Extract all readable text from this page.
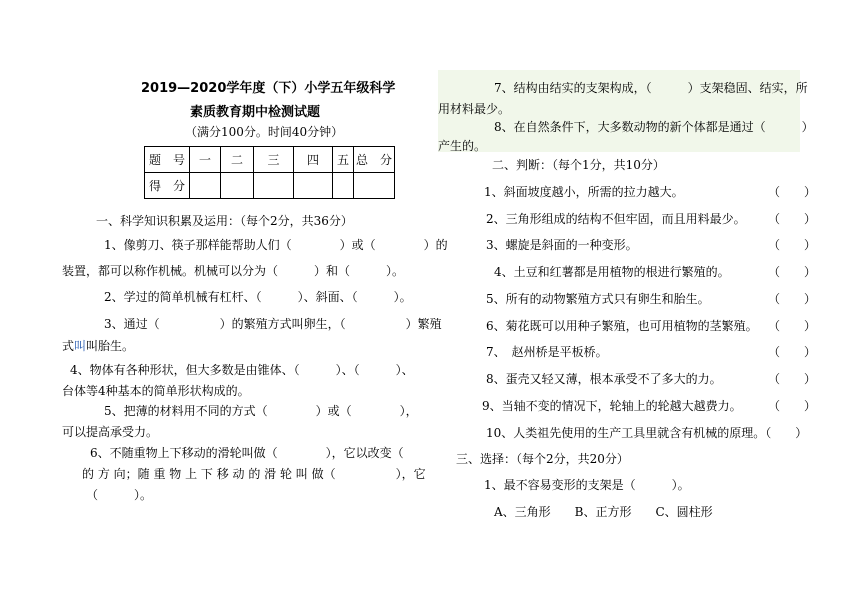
2019—2020学年度（下）小学五年级科学
素质教育期中检测试题
（满分100分。时间40分钟）
题　号	一	二	三	四	五	总　分
得　分						
一、科学知识积累及运用：（每个2分，共36分）
1、像剪刀、筷子那样能帮助人们（　　　　）或（　　　　）的
装置，都可以称作机械。机械可以分为（　　　）和（　　　）。
2、学过的简单机械有杠杆、（　　　）、斜面、（　　　）。
3、通过（　　　　　）的繁殖方式叫卵生，（　　　　　）繁殖
式叫叫胎生。
4、物体有各种形状，但大多数是由锥体、（　　　）、（　　　）、
台体等4种基本的简单形状构成的。
5、把薄的材料用不同的方式（　　　　）或（　　　　），
可以提高承受力。
6、不随重物上下移动的滑轮叫做（　　　　），它以改变（
的 方 向；随 重 物 上 下 移 动 的 滑 轮 叫 做（　　　　　），它
（　　　）。
7、结构由结实的支架构成，（　　　）支架稳固、结实，所
用材料最少。
8、在自然条件下，大多数动物的新个体都是通过（　　　）
产生的。
二、判断：（每个1分，共10分）
1、斜面坡度越小，所需的拉力越大。	（　　）
2、三角形组成的结构不但牢固，而且用料最少。 （　　）
3、螺旋是斜面的一种变形。	（　　）
4、土豆和红薯都是用植物的根进行繁殖的。	（　　）
5、所有的动物繁殖方式只有卵生和胎生。	（　　）
6、菊花既可以用种子繁殖，也可用植物的茎繁殖。 （　　）
7、　赵州桥是平板桥。	（　　）
8、蛋壳又轻又薄，根本承受不了多大的力。	（　　）
9、当轴不变的情况下，轮轴上的轮越大越费力。 （　　）
10、人类祖先使用的生产工具里就含有机械的原理。（　　）
三、选择：（每个2分，共20分）
1、最不容易变形的支架是（　　　）。
A、三角形　　B、正方形　　C、圆柱形
